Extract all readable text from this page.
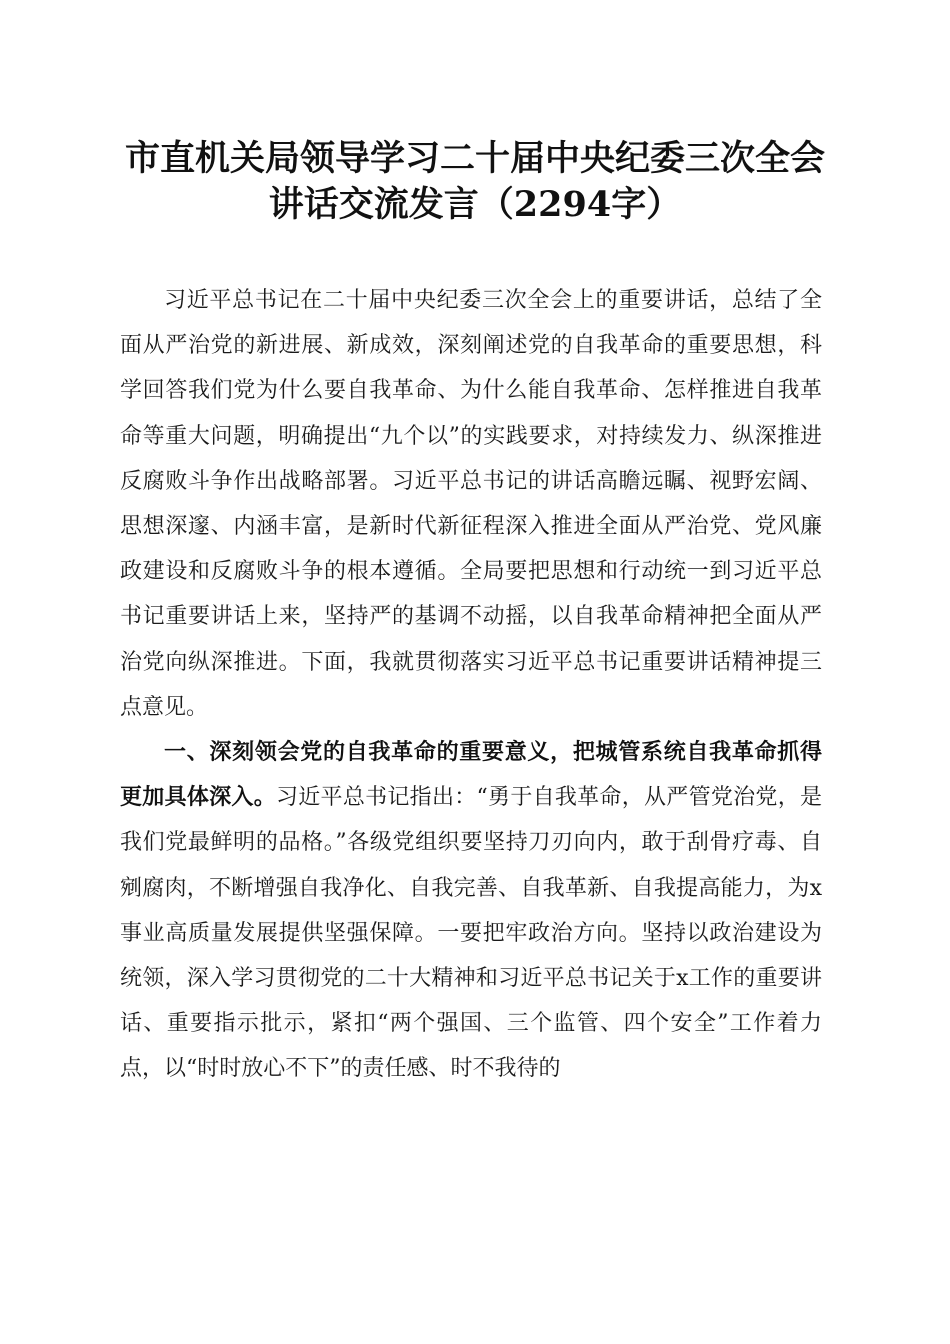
市直机关局领导学习二十届中央纪委三次全会
讲话交流发言（2294字）

习近平总书记在二十届中央纪委三次全会上的重要讲话，总结了全面从严治党的新进展、新成效，深刻阐述党的自我革命的重要思想，科学回答我们党为什么要自我革命、为什么能自我革命、怎样推进自我革命等重大问题，明确提出“九个以”的实践要求，对持续发力、纵深推进反腐败斗争作出战略部署。习近平总书记的讲话高瞻远瞩、视野宏阔、思想深邃、内涵丰富，是新时代新征程深入推进全面从严治党、党风廉政建设和反腐败斗争的根本遵循。全局要把思想和行动统一到习近平总书记重要讲话上来，坚持严的基调不动摇，以自我革命精神把全面从严治党向纵深推进。下面，我就贯彻落实习近平总书记重要讲话精神提三点意见。

一、深刻领会党的自我革命的重要意义，把城管系统自我革命抓得更加具体深入。习近平总书记指出：“勇于自我革命，从严管党治党，是我们党最鲜明的品格。”各级党组织要坚持刀刃向内，敢于刮骨疗毒、自剜腐肉，不断增强自我净化、自我完善、自我革新、自我提高能力，为x事业高质量发展提供坚强保障。一要把牢政治方向。坚持以政治建设为统领，深入学习贯彻党的二十大精神和习近平总书记关于x工作的重要讲话、重要指示批示，紧扣“两个强国、三个监管、四个安全”工作着力点，以“时时放心不下”的责任感、时不我待的
